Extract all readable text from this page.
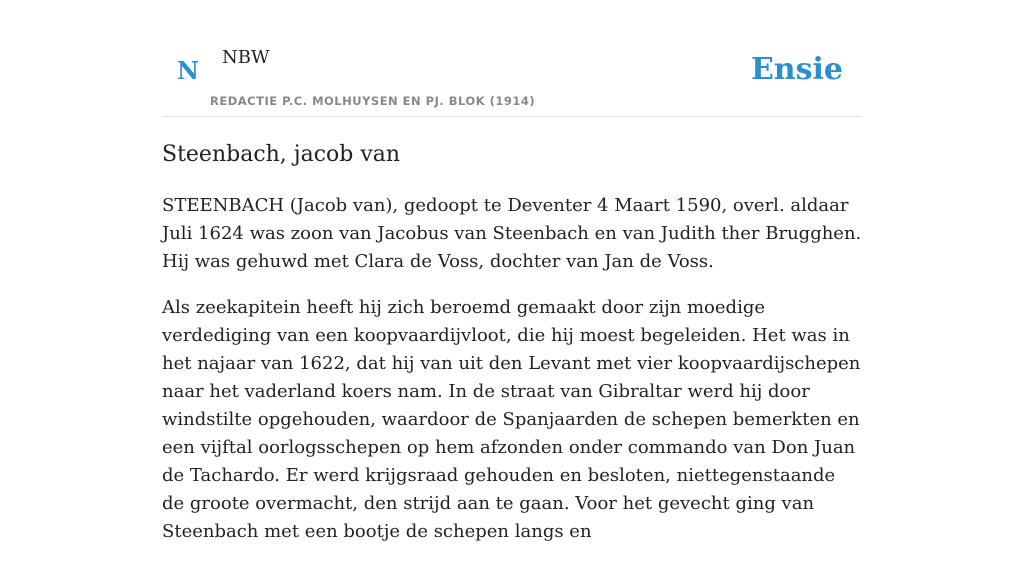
N NBW
REDACTIE P.C. MOLHUYSEN EN PJ. BLOK (1914)
Ensie
Steenbach, jacob van

STEENBACH (Jacob van), gedoopt te Deventer 4 Maart 1590, overl. aldaar Juli 1624 was zoon van Jacobus van Steenbach en van Judith ther Brugghen. Hij was gehuwd met Clara de Voss, dochter van Jan de Voss.

Als zeekapitein heeft hij zich beroemd gemaakt door zijn moedige verdediging van een koopvaardijvloot, die hij moest begeleiden. Het was in het najaar van 1622, dat hij van uit den Levant met vier koopvaardijschepen naar het vaderland koers nam. In de straat van Gibraltar werd hij door windstilte opgehouden, waardoor de Spanjaarden de schepen bemerkten en een vijftal oorlogsschepen op hem afzonden onder commando van Don Juan de Tachardo. Er werd krijgsraad gehouden en besloten, niettegenstaande de groote overmacht, den strijd aan te gaan. Voor het gevecht ging van Steenbach met een bootje de schepen langs en
